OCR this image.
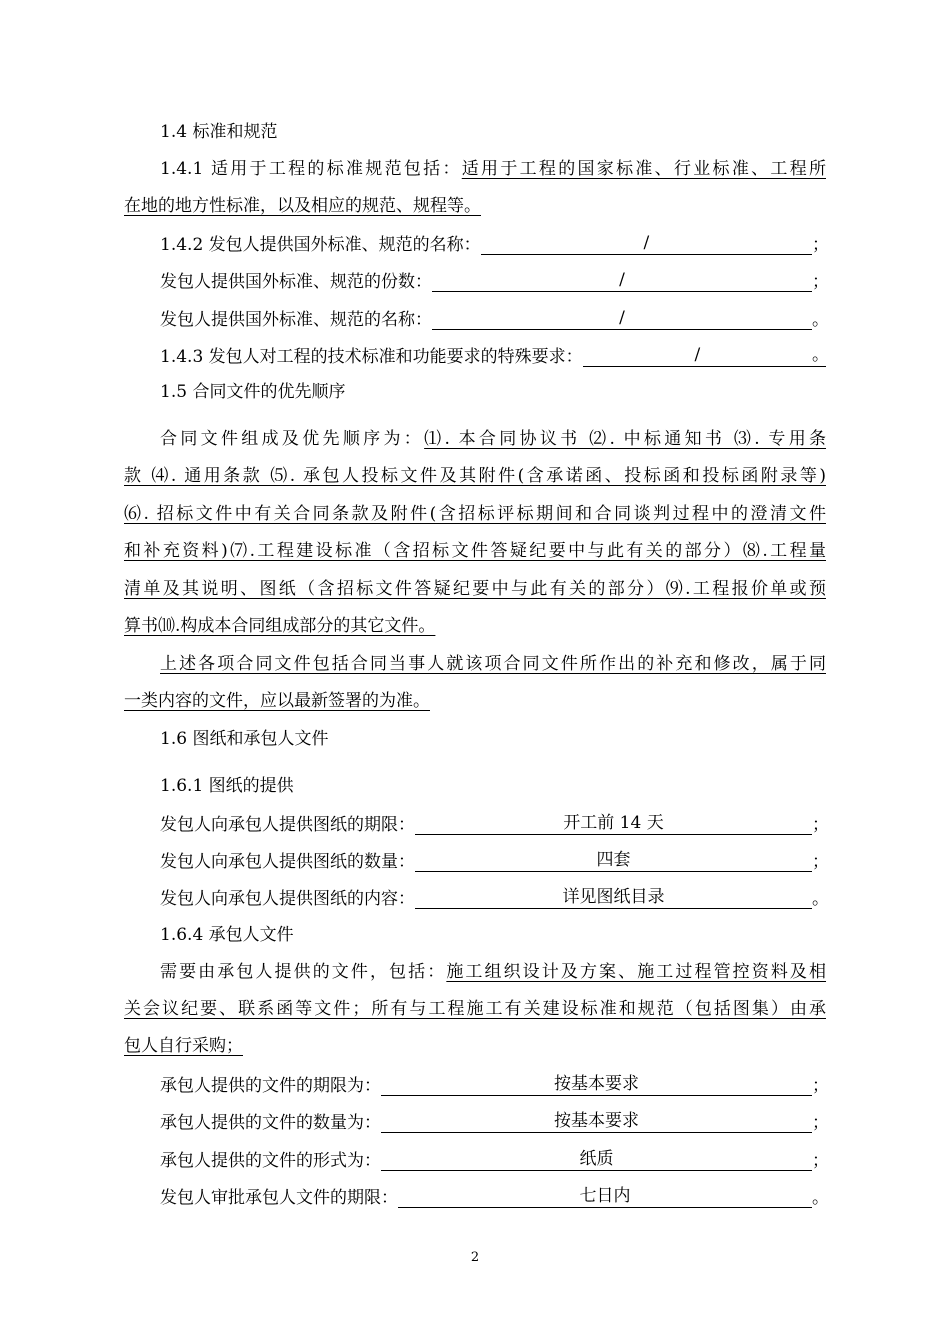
1.4 标准和规范
1.4.1 适用于工程的标准规范包括：适用于工程的国家标准、行业标准、工程所
在地的地方性标准，以及相应的规范、规程等。
1.4.2 发包人提供国外标准、规范的名称：	/	；
发包人提供国外标准、规范的份数：	/	；
发包人提供国外标准、规范的名称：	/	。
1.4.3 发包人对工程的技术标准和功能要求的特殊要求：	/	。
1.5 合同文件的优先顺序
合同文件组成及优先顺序为：⑴. 本合同协议书 ⑵. 中标通知书 ⑶. 专用条
款 ⑷. 通用条款 ⑸. 承包人投标文件及其附件(含承诺函、投标函和投标函附录等)
⑹. 招标文件中有关合同条款及附件(含招标评标期间和合同谈判过程中的澄清文件
和补充资料)⑺.工程建设标准（含招标文件答疑纪要中与此有关的部分）⑻.工程量
清单及其说明、图纸（含招标文件答疑纪要中与此有关的部分）⑼.工程报价单或预
算书⑽.构成本合同组成部分的其它文件。
上述各项合同文件包括合同当事人就该项合同文件所作出的补充和修改，属于同
一类内容的文件，应以最新签署的为准。
1.6 图纸和承包人文件
1.6.1 图纸的提供
发包人向承包人提供图纸的期限：	开工前 14 天	；
发包人向承包人提供图纸的数量：	四套	；
发包人向承包人提供图纸的内容：	详见图纸目录	。
1.6.4 承包人文件
需要由承包人提供的文件，包括：施工组织设计及方案、施工过程管控资料及相
关会议纪要、联系函等文件；所有与工程施工有关建设标准和规范（包括图集）由承
包人自行采购；
承包人提供的文件的期限为：	按基本要求	；
承包人提供的文件的数量为：	按基本要求	；
承包人提供的文件的形式为：	纸质	；
发包人审批承包人文件的期限：	七日内	。
2
